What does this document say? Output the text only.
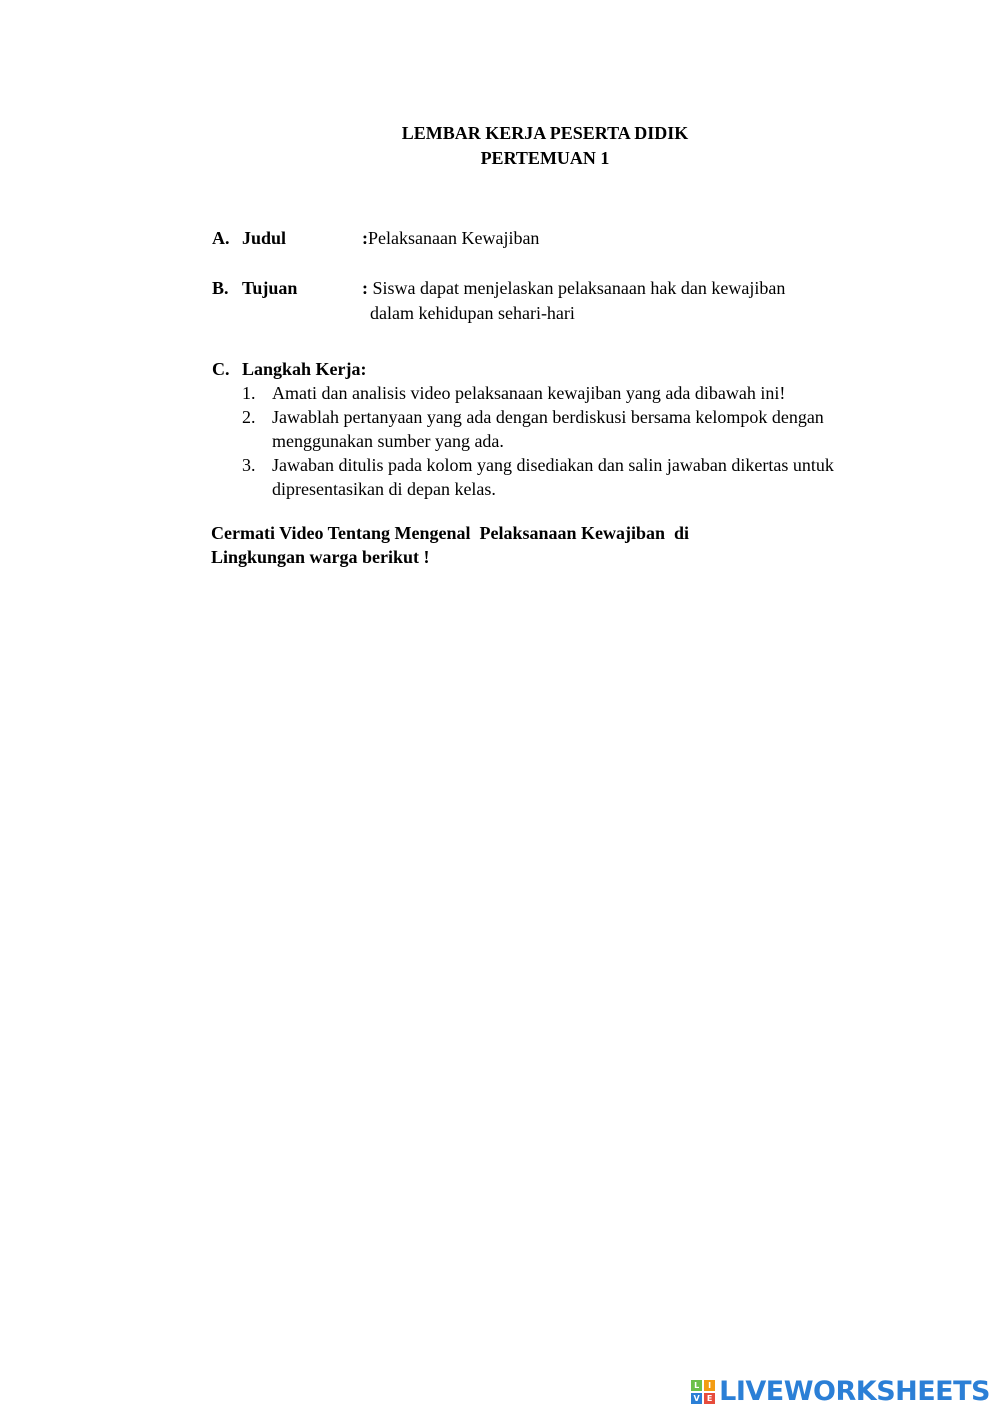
LEMBAR KERJA PESERTA DIDIK
PERTEMUAN 1
A. Judul	:Pelaksanaan Kewajiban
B. Tujuan	: Siswa dapat menjelaskan pelaksanaan hak dan kewajiban
dalam kehidupan sehari-hari
C. Langkah Kerja:
1. Amati dan analisis video pelaksanaan kewajiban yang ada dibawah ini!
2. Jawablah pertanyaan yang ada dengan berdiskusi bersama kelompok dengan menggunakan sumber yang ada.
3. Jawaban ditulis pada kolom yang disediakan dan salin jawaban dikertas untuk dipresentasikan di depan kelas.
Cermati Video Tentang Mengenal  Pelaksanaan Kewajiban  di Lingkungan warga berikut !
L	I
V E LIVEWORKSHEETS
